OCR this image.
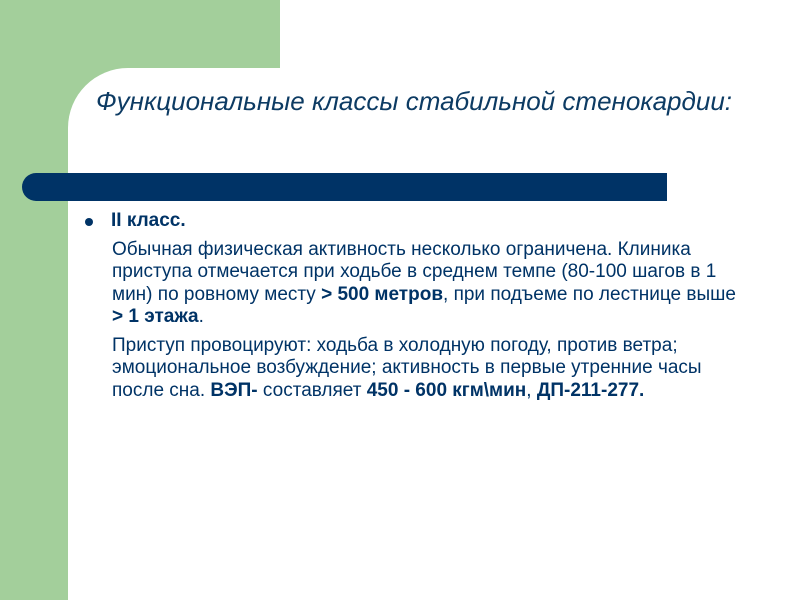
Функциональные классы стабильной стенокардии:
II класс.

Обычная физическая активность несколько ограничена. Клиника приступа отмечается при ходьбе в среднем темпе (80-100 шагов в 1 мин) по ровному месту > 500 метров, при подъеме по лестнице выше > 1 этажа.

Приступ провоцируют: ходьба в холодную погоду, против ветра; эмоциональное возбуждение; активность в первые утренние часы после сна. ВЭП- составляет 450 - 600 кгм\мин, ДП-211-277.
